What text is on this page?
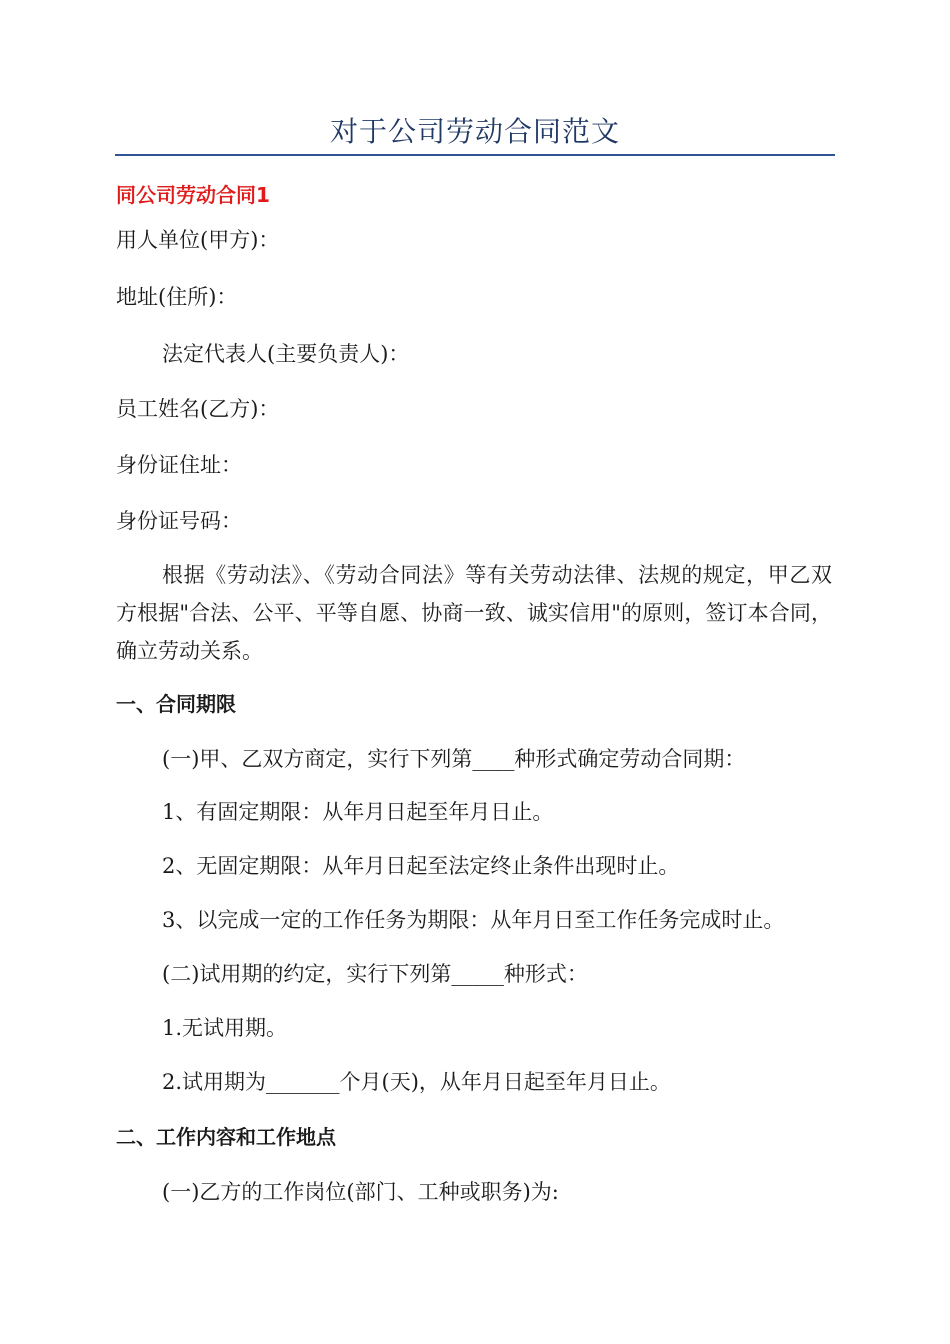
对于公司劳动合同范文
同公司劳动合同1
用人单位(甲方)：
地址(住所)：
法定代表人(主要负责人)：
员工姓名(乙方)：
身份证住址：
身份证号码：
根据《劳动法》、《劳动合同法》等有关劳动法律、法规的规定，甲乙双方根据"合法、公平、平等自愿、协商一致、诚实信用"的原则，签订本合同，确立劳动关系。
一、合同期限
(一)甲、乙双方商定，实行下列第____种形式确定劳动合同期：
1、有固定期限：从年月日起至年月日止。
2、无固定期限：从年月日起至法定终止条件出现时止。
3、以完成一定的工作任务为期限：从年月日至工作任务完成时止。
(二)试用期的约定，实行下列第_____种形式：
1.无试用期。
2.试用期为_______个月(天)，从年月日起至年月日止。
二、工作内容和工作地点
(一)乙方的工作岗位(部门、工种或职务)为:
